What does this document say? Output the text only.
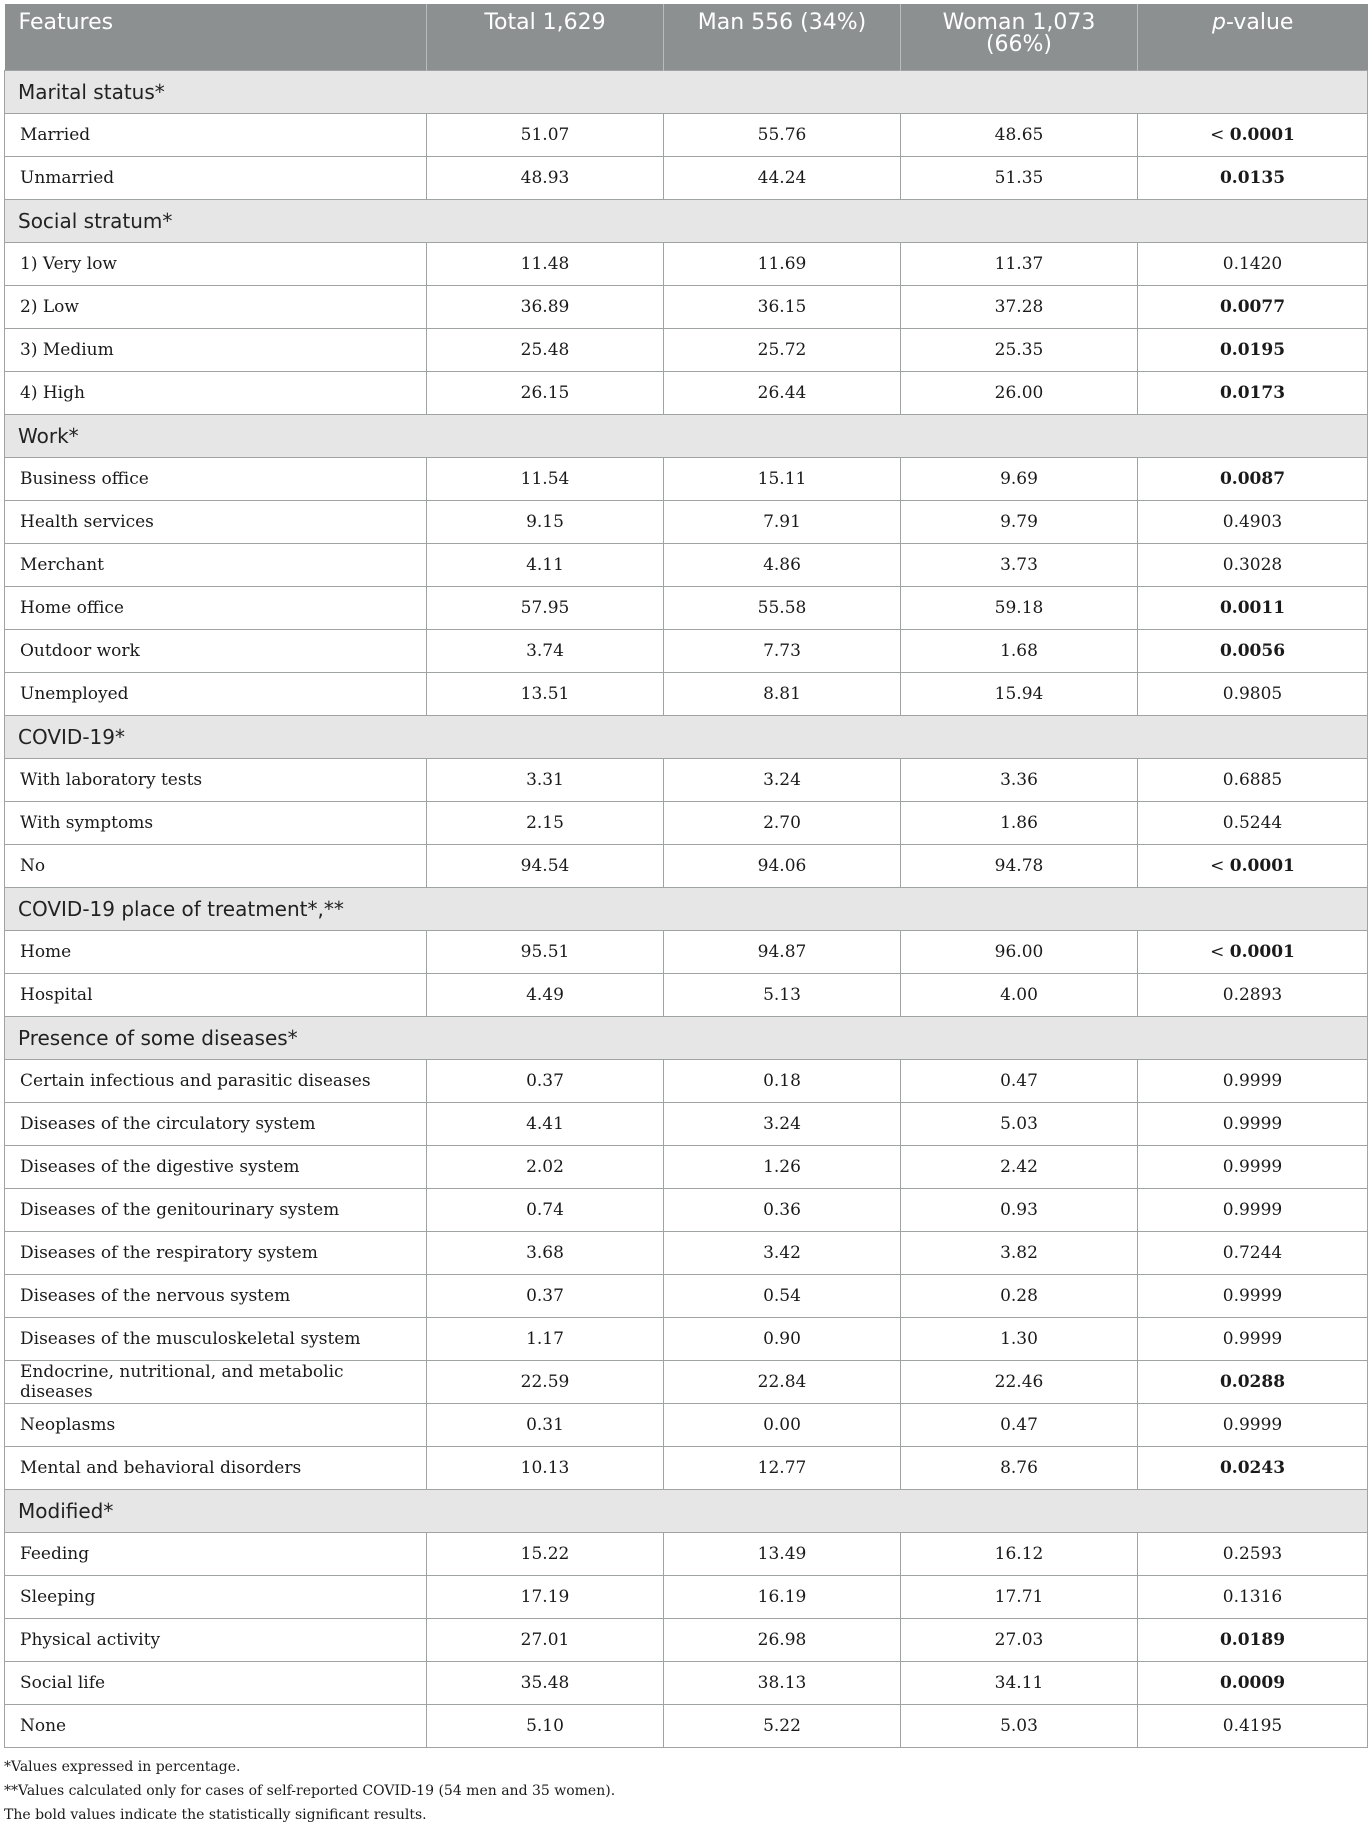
Features	Total 1,629	Man 556 (34%)	Woman 1,073 (66%)	p-value
Marital status*				
Married	51.07	55.76	48.65	< 0.0001
Unmarried	48.93	44.24	51.35	0.0135
Social stratum*				
1) Very low	11.48	11.69	11.37	0.1420
2) Low	36.89	36.15	37.28	0.0077
3) Medium	25.48	25.72	25.35	0.0195
4) High	26.15	26.44	26.00	0.0173
Work*				
Business office	11.54	15.11	9.69	0.0087
Health services	9.15	7.91	9.79	0.4903
Merchant	4.11	4.86	3.73	0.3028
Home office	57.95	55.58	59.18	0.0011
Outdoor work	3.74	7.73	1.68	0.0056
Unemployed	13.51	8.81	15.94	0.9805
COVID-19*				
With laboratory tests	3.31	3.24	3.36	0.6885
With symptoms	2.15	2.70	1.86	0.5244
No	94.54	94.06	94.78	< 0.0001
COVID-19 place of treatment*,**				
Home	95.51	94.87	96.00	< 0.0001
Hospital	4.49	5.13	4.00	0.2893
Presence of some diseases*				
Certain infectious and parasitic diseases	0.37	0.18	0.47	0.9999
Diseases of the circulatory system	4.41	3.24	5.03	0.9999
Diseases of the digestive system	2.02	1.26	2.42	0.9999
Diseases of the genitourinary system	0.74	0.36	0.93	0.9999
Diseases of the respiratory system	3.68	3.42	3.82	0.7244
Diseases of the nervous system	0.37	0.54	0.28	0.9999
Diseases of the musculoskeletal system	1.17	0.90	1.30	0.9999
Endocrine, nutritional, and metabolic diseases	22.59	22.84	22.46	0.0288
Neoplasms	0.31	0.00	0.47	0.9999
Mental and behavioral disorders	10.13	12.77	8.76	0.0243
Modified*				
Feeding	15.22	13.49	16.12	0.2593
Sleeping	17.19	16.19	17.71	0.1316
Physical activity	27.01	26.98	27.03	0.0189
Social life	35.48	38.13	34.11	0.0009
None	5.10	5.22	5.03	0.4195
*Values expressed in percentage.
**Values calculated only for cases of self-reported COVID-19 (54 men and 35 women).
The bold values indicate the statistically significant results.
